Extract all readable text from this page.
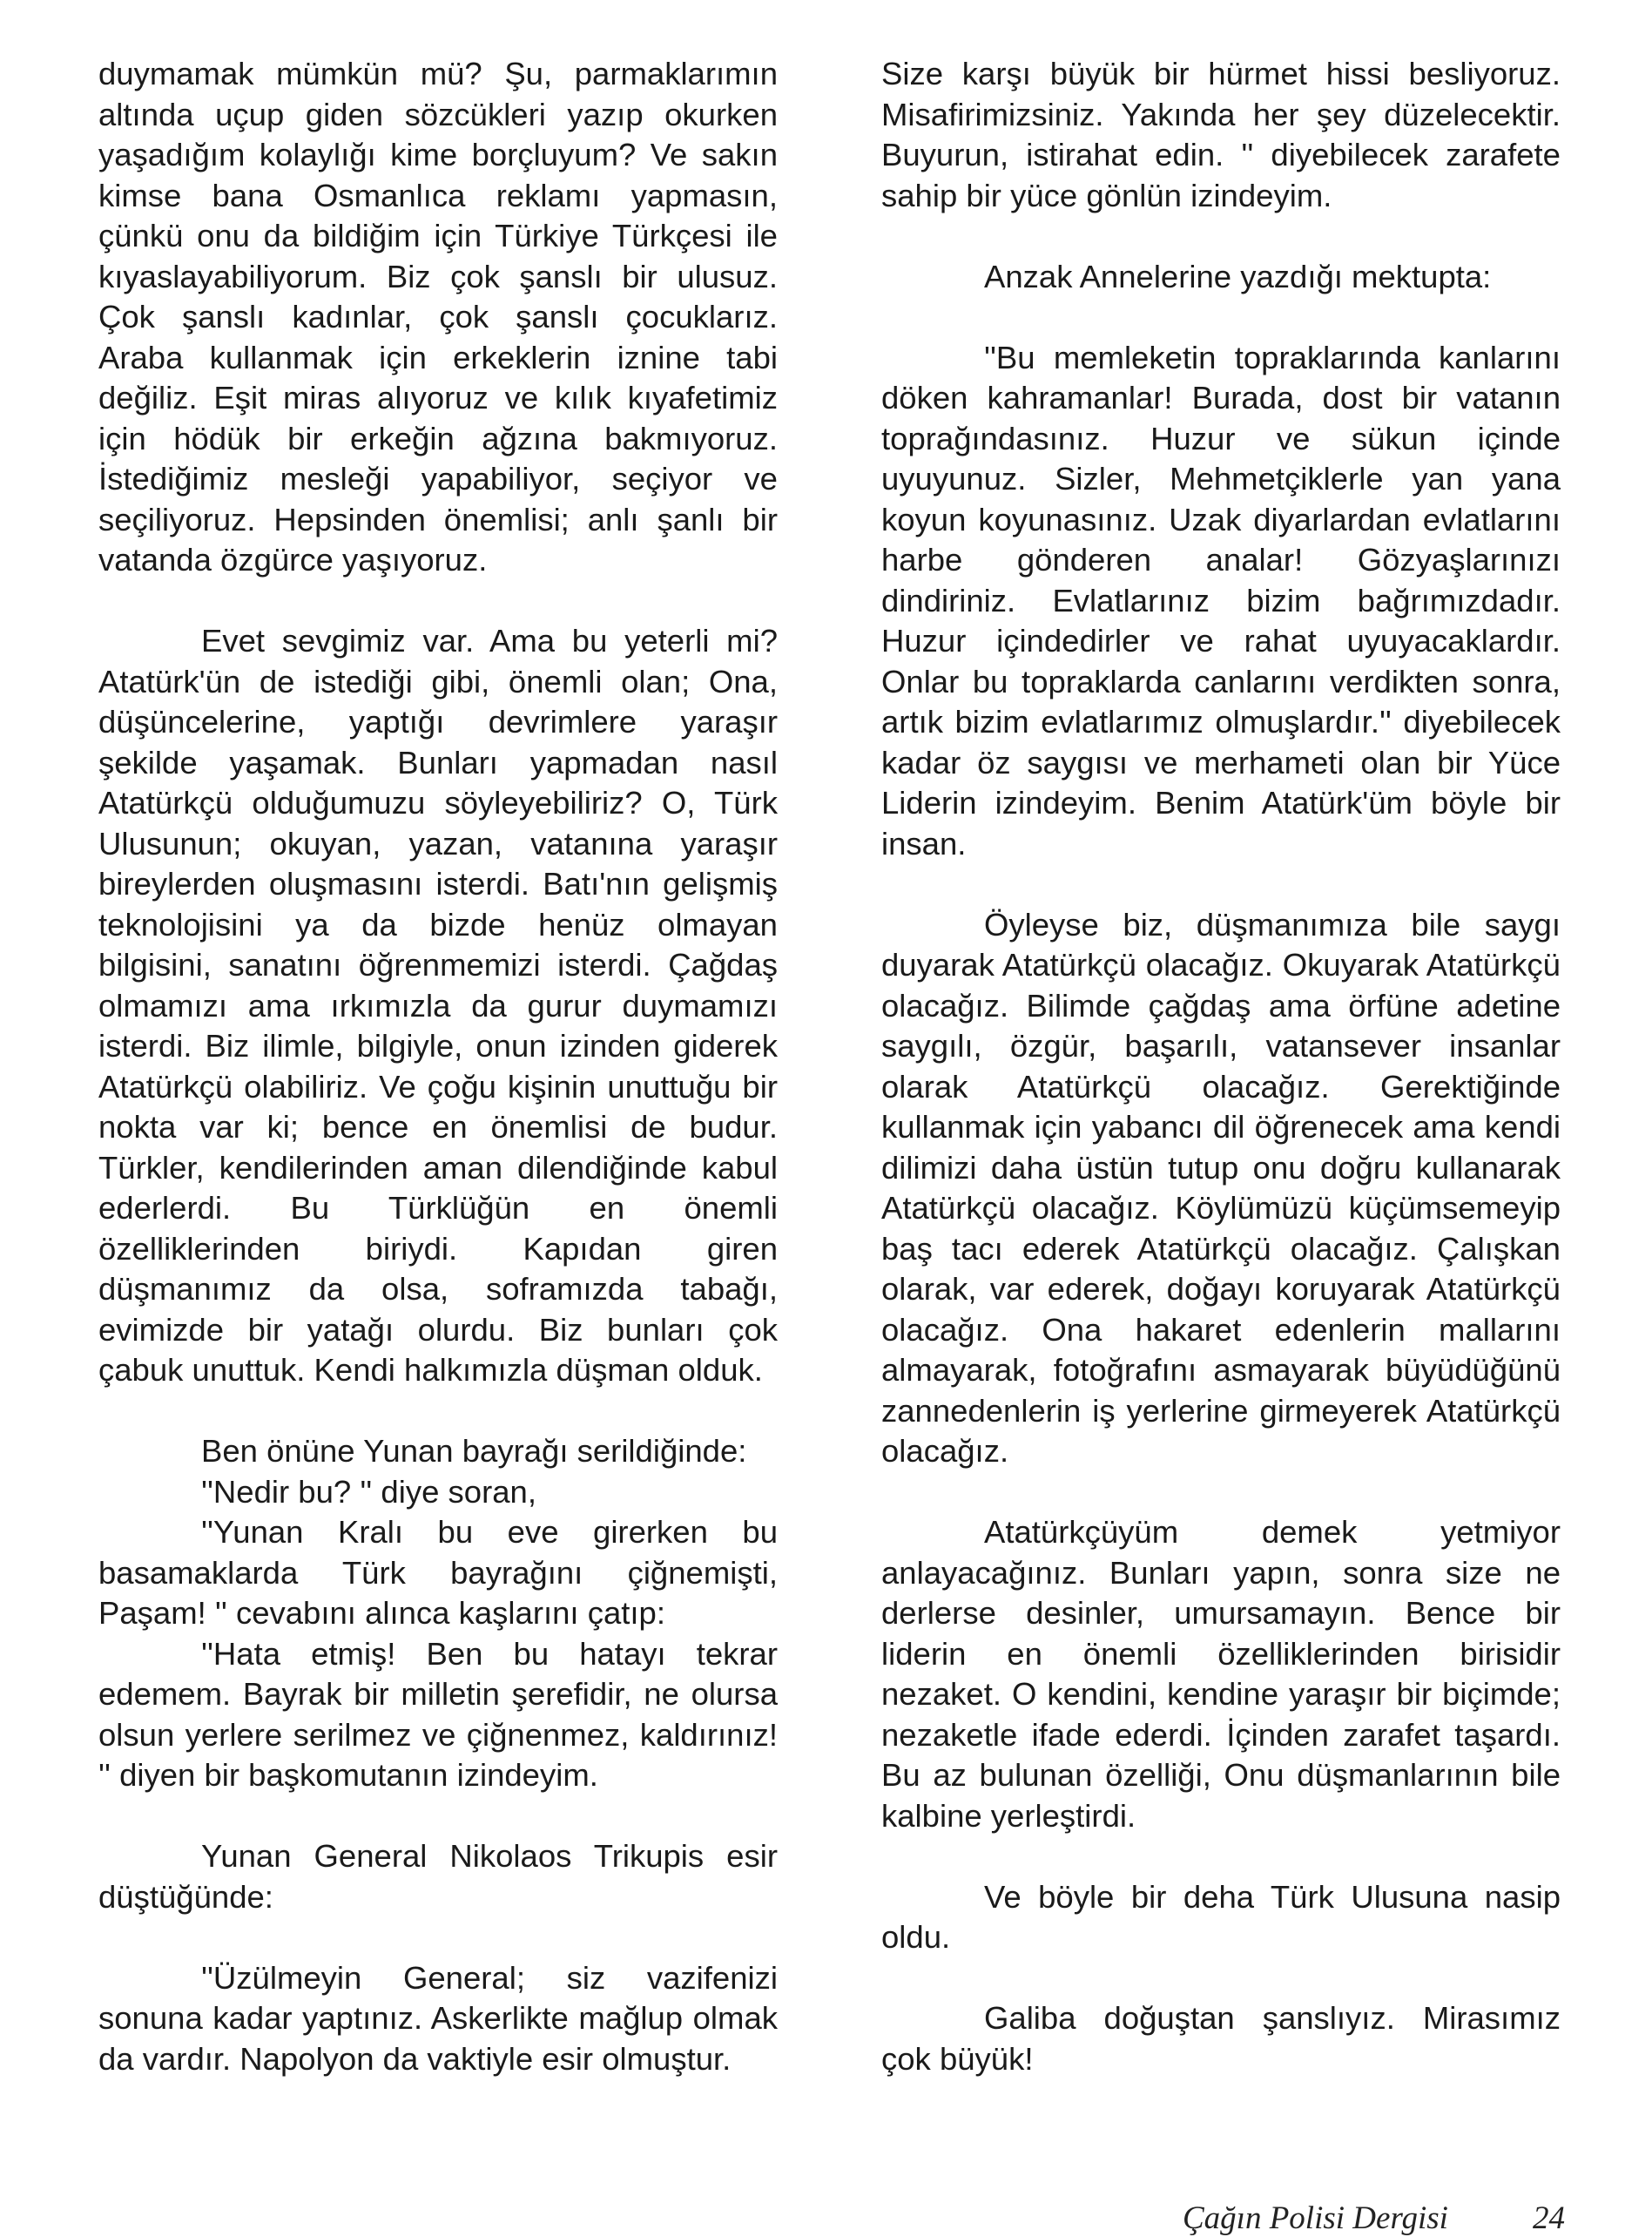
duymamak mümkün mü? Şu, parmaklarımın altında uçup giden sözcükleri yazıp okurken yaşadığım kolaylığı kime borçluyum? Ve sakın kimse bana Osmanlıca reklamı yapmasın, çünkü onu da bildiğim için Türkiye Türkçesi ile kıyaslayabiliyorum. Biz çok şanslı bir ulusuz. Çok şanslı kadınlar, çok şanslı çocuklarız. Araba kullanmak için erkeklerin iznine tabi değiliz. Eşit miras alıyoruz ve kılık kıyafetimiz için hödük bir erkeğin ağzına bakmıyoruz. İstediğimiz mesleği yapabiliyor, seçiyor ve seçiliyoruz. Hepsinden önemlisi; anlı şanlı bir vatanda özgürce yaşıyoruz.

Evet sevgimiz var. Ama bu yeterli mi? Atatürk'ün de istediği gibi, önemli olan; Ona, düşüncelerine, yaptığı devrimlere yaraşır şekilde yaşamak. Bunları yapmadan nasıl Atatürkçü olduğumuzu söyleyebiliriz? O, Türk Ulusunun; okuyan, yazan, vatanına yaraşır bireylerden oluşmasını isterdi. Batı'nın gelişmiş teknolojisini ya da bizde henüz olmayan bilgisini, sanatını öğrenmemizi isterdi. Çağdaş olmamızı ama ırkımızla da gurur duymamızı isterdi. Biz ilimle, bilgiyle, onun izinden giderek Atatürkçü olabiliriz. Ve çoğu kişinin unuttuğu bir nokta var ki; bence en önemlisi de budur. Türkler, kendilerinden aman dilendiğinde kabul ederlerdi. Bu Türklüğün en önemli özelliklerinden biriydi. Kapıdan giren düşmanımız da olsa, soframızda tabağı, evimizde bir yatağı olurdu. Biz bunları çok çabuk unuttuk. Kendi halkımızla düşman olduk.

Ben önüne Yunan bayrağı serildiğinde:

''Nedir bu? '' diye soran,

''Yunan Kralı bu eve girerken bu basamaklarda Türk bayrağını çiğnemişti, Paşam! '' cevabını alınca kaşlarını çatıp:

''Hata etmiş! Ben bu hatayı tekrar edemem. Bayrak bir milletin şerefidir, ne olursa olsun yerlere serilmez ve çiğnenmez, kaldırınız! '' diyen bir başkomutanın izindeyim.

Yunan General Nikolaos Trikupis esir düştüğünde:

''Üzülmeyin General; siz vazifenizi sonuna kadar yaptınız. Askerlikte mağlup olmak da vardır. Napolyon da vaktiyle esir olmuştur.

Size karşı büyük bir hürmet hissi besliyoruz. Misafirimizsiniz. Yakında her şey düzelecektir. Buyurun, istirahat edin. '' diyebilecek zarafete sahip bir yüce gönlün izindeyim.

Anzak Annelerine yazdığı mektupta:

''Bu memleketin topraklarında kanlarını döken kahramanlar! Burada, dost bir vatanın toprağındasınız. Huzur ve sükun içinde uyuyunuz. Sizler, Mehmetçiklerle yan yana koyun koyunasınız. Uzak diyarlardan evlatlarını harbe gönderen analar! Gözyaşlarınızı dindiriniz. Evlatlarınız bizim bağrımızdadır. Huzur içindedirler ve rahat uyuyacaklardır. Onlar bu topraklarda canlarını verdikten sonra, artık bizim evlatlarımız olmuşlardır.'' diyebilecek kadar öz saygısı ve merhameti olan bir Yüce Liderin izindeyim. Benim Atatürk'üm böyle bir insan.

Öyleyse biz, düşmanımıza bile saygı duyarak Atatürkçü olacağız. Okuyarak Atatürkçü olacağız. Bilimde çağdaş ama örfüne adetine saygılı, özgür, başarılı, vatansever insanlar olarak Atatürkçü olacağız. Gerektiğinde kullanmak için yabancı dil öğrenecek ama kendi dilimizi daha üstün tutup onu doğru kullanarak Atatürkçü olacağız. Köylümüzü küçümsemeyip baş tacı ederek Atatürkçü olacağız. Çalışkan olarak, var ederek, doğayı koruyarak Atatürkçü olacağız. Ona hakaret edenlerin mallarını almayarak, fotoğrafını asmayarak büyüdüğünü zannedenlerin iş yerlerine girmeyerek Atatürkçü olacağız.

Atatürkçüyüm demek yetmiyor anlayacağınız. Bunları yapın, sonra size ne derlerse desinler, umursamayın. Bence bir liderin en önemli özelliklerinden birisidir nezaket. O kendini, kendine yaraşır bir biçimde; nezaketle ifade ederdi. İçinden zarafet taşardı. Bu az bulunan özelliği, Onu düşmanlarının bile kalbine yerleştirdi.

Ve böyle bir deha Türk Ulusuna nasip oldu.

Galiba doğuştan şanslıyız. Mirasımız çok büyük!

Çağın Polisi Dergisi	24
